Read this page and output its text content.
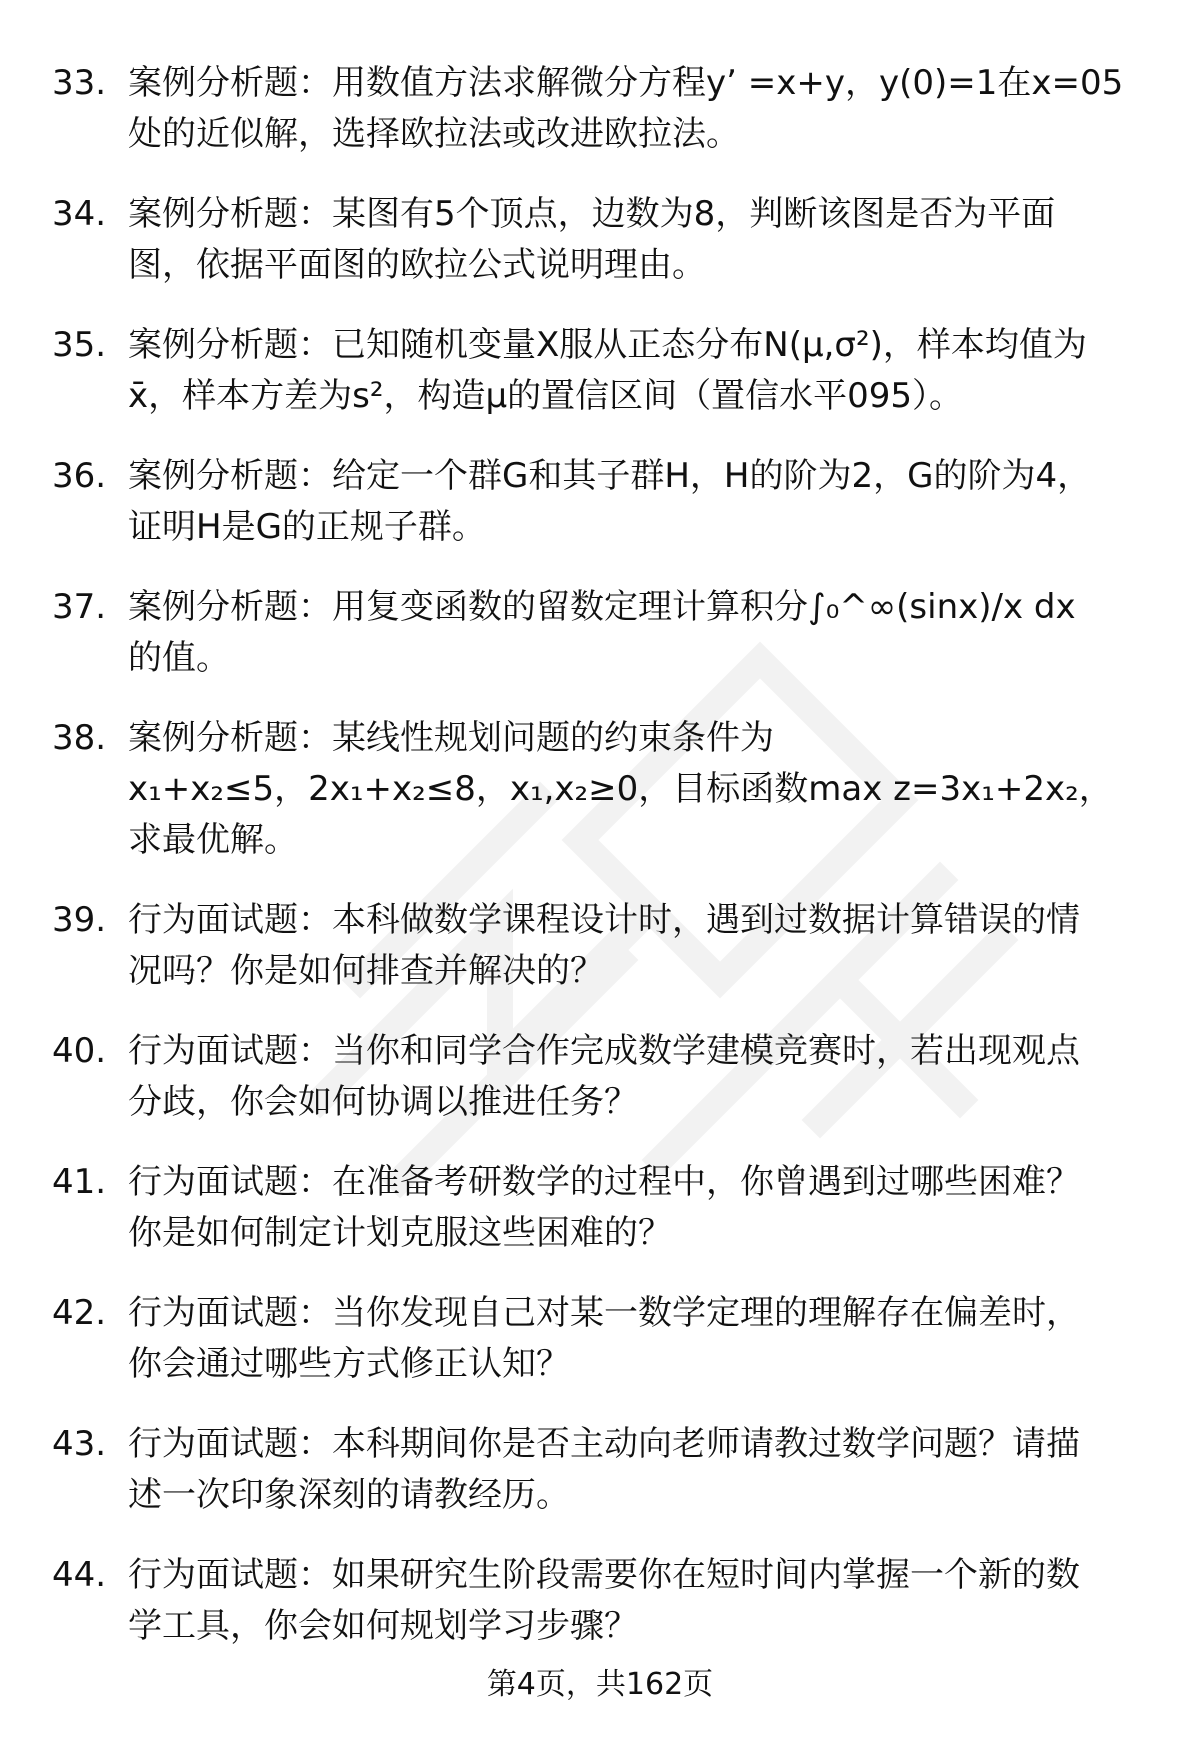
33. 案例分析题：用数值方法求解微分方程y’ =x+y，y(0)=1在x=05
处的近似解，选择欧拉法或改进欧拉法。
34. 案例分析题：某图有5个顶点，边数为8，判断该图是否为平面
图，依据平面图的欧拉公式说明理由。
35. 案例分析题：已知随机变量X服从正态分布N(μ,σ²)，样本均值为
x̄，样本方差为s²，构造μ的置信区间（置信水平095）。
36. 案例分析题：给定一个群G和其子群H，H的阶为2，G的阶为4，
证明H是G的正规子群。
37. 案例分析题：用复变函数的留数定理计算积分∫₀^∞(sinx)/x dx
的值。
38. 案例分析题：某线性规划问题的约束条件为
x₁+x₂≤5，2x₁+x₂≤8，x₁,x₂≥0，目标函数max z=3x₁+2x₂，
求最优解。
39. 行为面试题：本科做数学课程设计时，遇到过数据计算错误的情
况吗？你是如何排查并解决的？
40. 行为面试题：当你和同学合作完成数学建模竞赛时，若出现观点
分歧，你会如何协调以推进任务？
41. 行为面试题：在准备考研数学的过程中，你曾遇到过哪些困难？
你是如何制定计划克服这些困难的？
42. 行为面试题：当你发现自己对某一数学定理的理解存在偏差时，
你会通过哪些方式修正认知？
43. 行为面试题：本科期间你是否主动向老师请教过数学问题？请描
述一次印象深刻的请教经历。
44. 行为面试题：如果研究生阶段需要你在短时间内掌握一个新的数
学工具，你会如何规划学习步骤？
第4页，共162页
